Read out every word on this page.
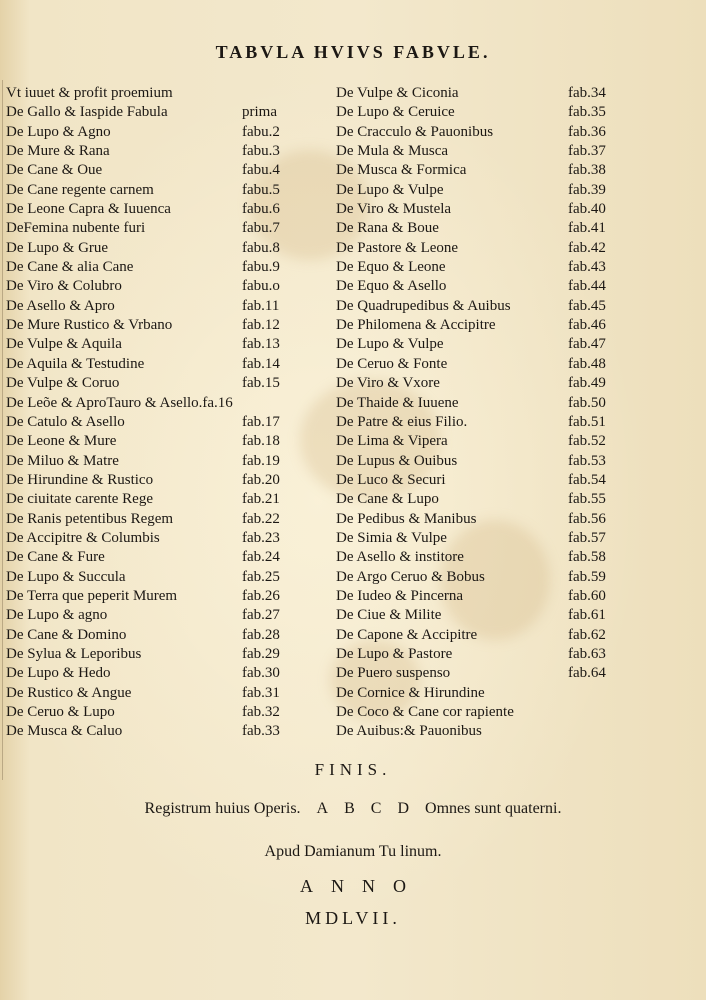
TABVLA HVIVS FABVLE.
Vt iuuet & profit proemium
De Gallo & Iaspide Fabula	prima
De Lupo & Agno	fabu.2
De Mure & Rana	fabu.3
De Cane & Oue	fabu.4
De Cane regente carnem	fabu.5
De Leone Capra & Iuuenca	fabu.6
DeFemina nubente furi	fabu.7
De Lupo & Grue	fabu.8
De Cane & alia Cane	fabu.9
De Viro & Colubro	fabu.o
De Asello & Apro	fab.11
De Mure Rustico & Vrbano	fab.12
De Vulpe & Aquila	fab.13
De Aquila & Testudine	fab.14
De Vulpe & Coruo	fab.15
De Leõe & AproTauro & Asello.fa.16
De Catulo & Asello	fab.17
De Leone & Mure	fab.18
De Miluo & Matre	fab.19
De Hirundine & Rustico	fab.20
De ciuitate carente Rege	fab.21
De Ranis petentibus Regem	fab.22
De Accipitre & Columbis	fab.23
De Cane & Fure	fab.24
De Lupo & Succula	fab.25
De Terra que peperit Murem	fab.26
De Lupo & agno	fab.27
De Cane & Domino	fab.28
De Sylua & Leporibus	fab.29
De Lupo & Hedo	fab.30
De Rustico & Angue	fab.31
De Ceruo & Lupo	fab.32
De Musca & Caluo	fab.33
De Vulpe & Ciconia	fab.34
De Lupo & Ceruice	fab.35
De Cracculo & Pauonibus	fab.36
De Mula & Musca	fab.37
De Musca & Formica	fab.38
De Lupo & Vulpe	fab.39
De Viro & Mustela	fab.40
De Rana & Boue	fab.41
De Pastore & Leone	fab.42
De Equo & Leone	fab.43
De Equo & Asello	fab.44
De Quadrupedibus & Auibus	fab.45
De Philomena & Accipitre	fab.46
De Lupo & Vulpe	fab.47
De Ceruo & Fonte	fab.48
De Viro & Vxore	fab.49
De Thaide & Iuuene	fab.50
De Patre & eius Filio.	fab.51
De Lima & Vipera	fab.52
De Lupus & Ouibus	fab.53
De Luco & Securi	fab.54
De Cane & Lupo	fab.55
De Pedibus & Manibus	fab.56
De Simia & Vulpe	fab.57
De Asello & institore	fab.58
De Argo Ceruo & Bobus	fab.59
De Iudeo & Pincerna	fab.60
De Ciue & Milite	fab.61
De Capone & Accipitre	fab.62
De Lupo & Pastore	fab.63
De Puero suspenso	fab.64
De Cornice & Hirundine
De Coco & Cane cor rapiente
De Auibus:& Pauonibus
FINIS.
Registrum huius Operis. A B C D Omnes sunt quaterni.
Apud Damianum Tu linum.
ANNO
MDLVII.
